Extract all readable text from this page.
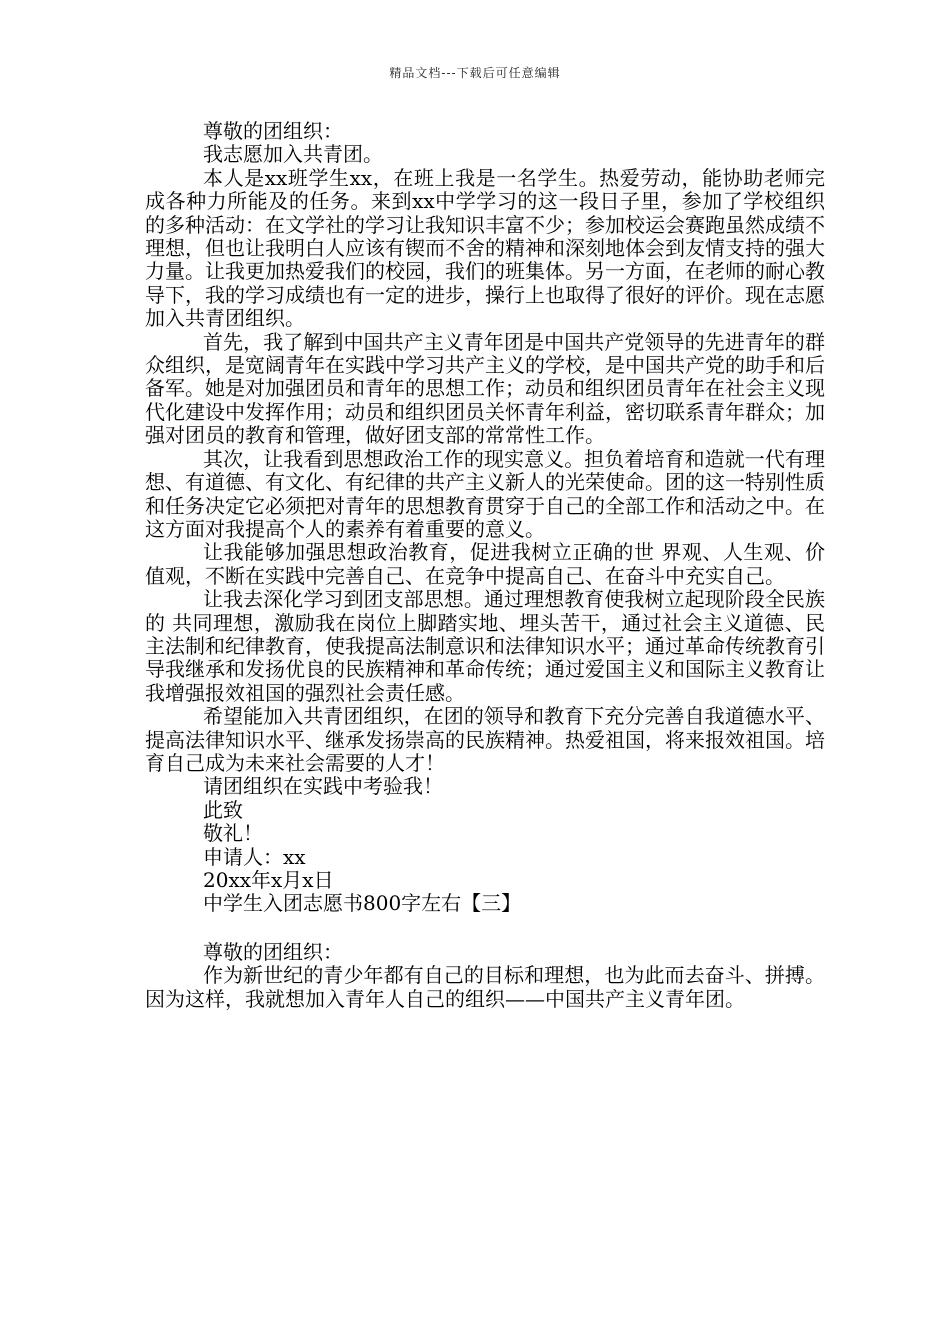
精品文档---下载后可任意编辑

尊敬的团组织：

我志愿加入共青团。

本人是xx班学生xx，在班上我是一名学生。热爱劳动，能协助老师完成各种力所能及的任务。来到xx中学学习的这一段日子里，参加了学校组织的多种活动：在文学社的学习让我知识丰富不少；参加校运会赛跑虽然成绩不理想，但也让我明白人应该有锲而不舍的精神和深刻地体会到友情支持的强大力量。让我更加热爱我们的校园，我们的班集体。另一方面，在老师的耐心教导下，我的学习成绩也有一定的进步，操行上也取得了很好的评价。现在志愿加入共青团组织。

首先，我了解到中国共产主义青年团是中国共产党领导的先进青年的群众组织，是宽阔青年在实践中学习共产主义的学校，是中国共产党的助手和后备军。她是对加强团员和青年的思想工作；动员和组织团员青年在社会主义现代化建设中发挥作用；动员和组织团员关怀青年利益，密切联系青年群众；加强对团员的教育和管理，做好团支部的常常性工作。

其次，让我看到思想政治工作的现实意义。担负着培育和造就一代有理想、有道德、有文化、有纪律的共产主义新人的光荣使命。团的这一特别性质和任务决定它必须把对青年的思想教育贯穿于自己的全部工作和活动之中。在这方面对我提高个人的素养有着重要的意义。

让我能够加强思想政治教育，促进我树立正确的世 界观、人生观、价值观，不断在实践中完善自己、在竞争中提高自己、在奋斗中充实自己。

让我去深化学习到团支部思想。通过理想教育使我树立起现阶段全民族的 共同理想，激励我在岗位上脚踏实地、埋头苦干，通过社会主义道德、民主法制和纪律教育，使我提高法制意识和法律知识水平；通过革命传统教育引导我继承和发扬优良的民族精神和革命传统；通过爱国主义和国际主义教育让我增强报效祖国的强烈社会责任感。

希望能加入共青团组织，在团的领导和教育下充分完善自我道德水平、提高法律知识水平、继承发扬崇高的民族精神。热爱祖国，将来报效祖国。培育自己成为未来社会需要的人才！

请团组织在实践中考验我！

此致

敬礼！

申请人：xx

20xx年x月x日

中学生入团志愿书800字左右【三】

尊敬的团组织：

作为新世纪的青少年都有自己的目标和理想，也为此而去奋斗、拼搏。因为这样，我就想加入青年人自己的组织——中国共产主义青年团。
